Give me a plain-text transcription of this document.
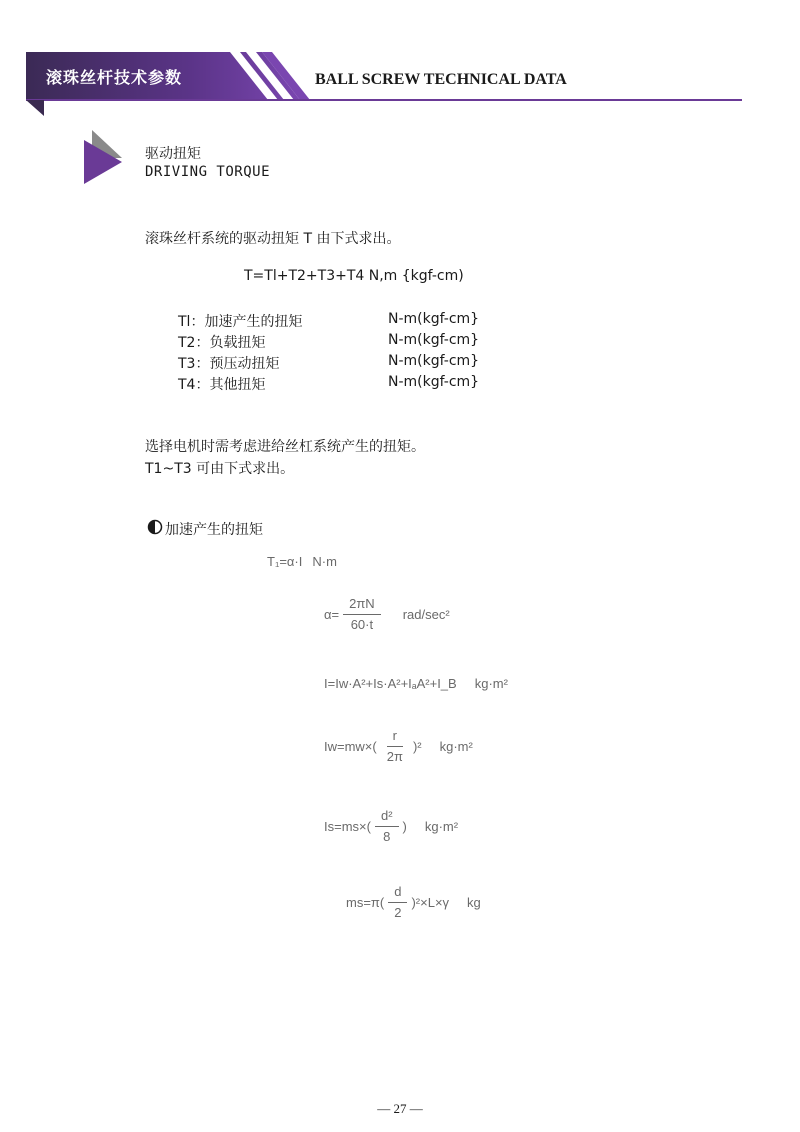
滚珠丝杆技术参数	BALL SCREW TECHNICAL DATA
驱动扭矩
DRIVING TORQUE
滚珠丝杆系统的驱动扭矩 T 由下式求出。
T=Tl+T2+T3+T4 N,m {kgf-cm)
Tl：加速产生的扭矩	N-m(kgf-cm}
T2：负载扭矩	N-m(kgf-cm}
T3：预压动扭矩	N-m(kgf-cm}
T4：其他扭矩	N-m(kgf-cm}
选择电机时需考虑进给丝杠系统产生的扭矩。
T1~T3 可由下式求出。
加速产生的扭矩
T₁=α·I N·m
$\alpha= \frac{2\pi N}{60\cdot t} rad/\sec^2$
I=Iw·A²+Is·A²+IₐA²+I_B kg·m²
$Iw=mw\times( \frac{r}{2\pi} )^2$ kg·m²
$Is=ms\times( \frac{\text{d²}}{8}$ ) kg·m²
$ms=\pi( \frac{d}{2} )^2\times L\times\gamma$ kg
— 27 —
